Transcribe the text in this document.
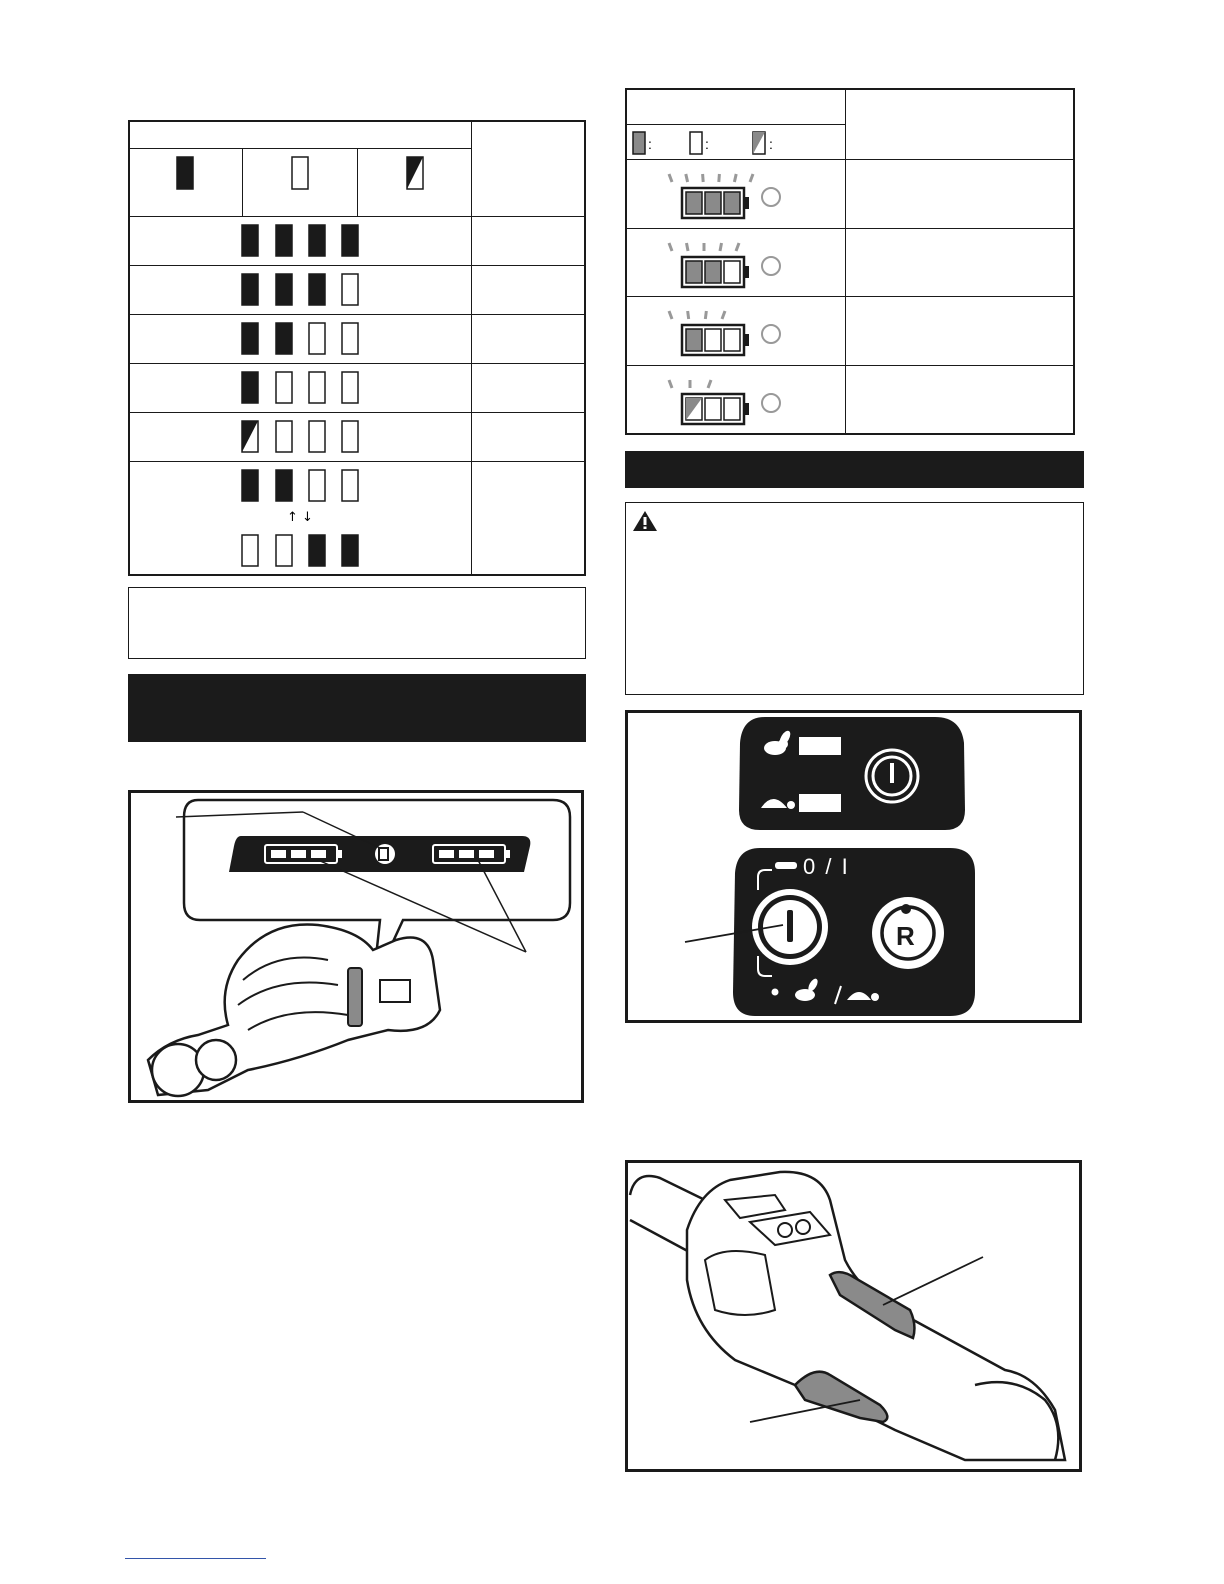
↑ ↓
:	:	:
0 / I
R
